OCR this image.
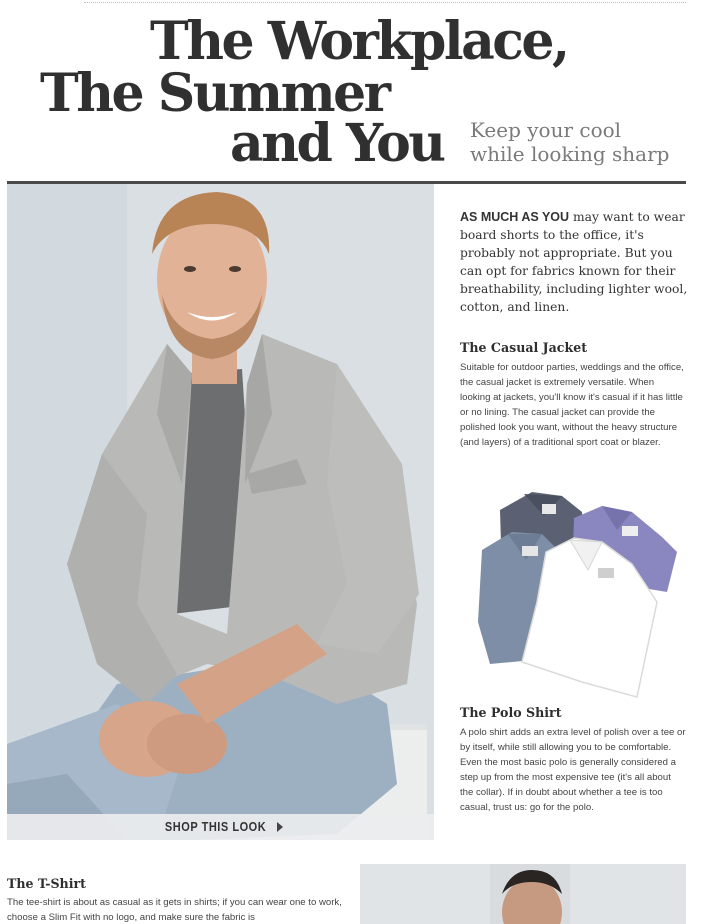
The Workplace,
The Summer
and You Keep your cool
while looking sharp
SHOP THIS LOOK

AS MUCH AS YOU may want to wear board shorts to the office, it's probably not appropriate. But you can opt for fabrics known for their breathability, including lighter wool, cotton, and linen.

The Casual Jacket

Suitable for outdoor parties, weddings and the office, the casual jacket is extremely versatile. When looking at jackets, you'll know it's casual if it has little or no lining. The casual jacket can provide the polished look you want, without the heavy structure (and layers) of a traditional sport coat or blazer.

The Polo Shirt

A polo shirt adds an extra level of polish over a tee or by itself, while still allowing you to be comfortable. Even the most basic polo is generally considered a step up from the most expensive tee (it's all about the collar). If in doubt about whether a tee is too casual, trust us: go for the polo.

The T-Shirt

The tee-shirt is about as casual as it gets in shirts; if you can wear one to work, choose a Slim Fit with no logo, and make sure the fabric is
